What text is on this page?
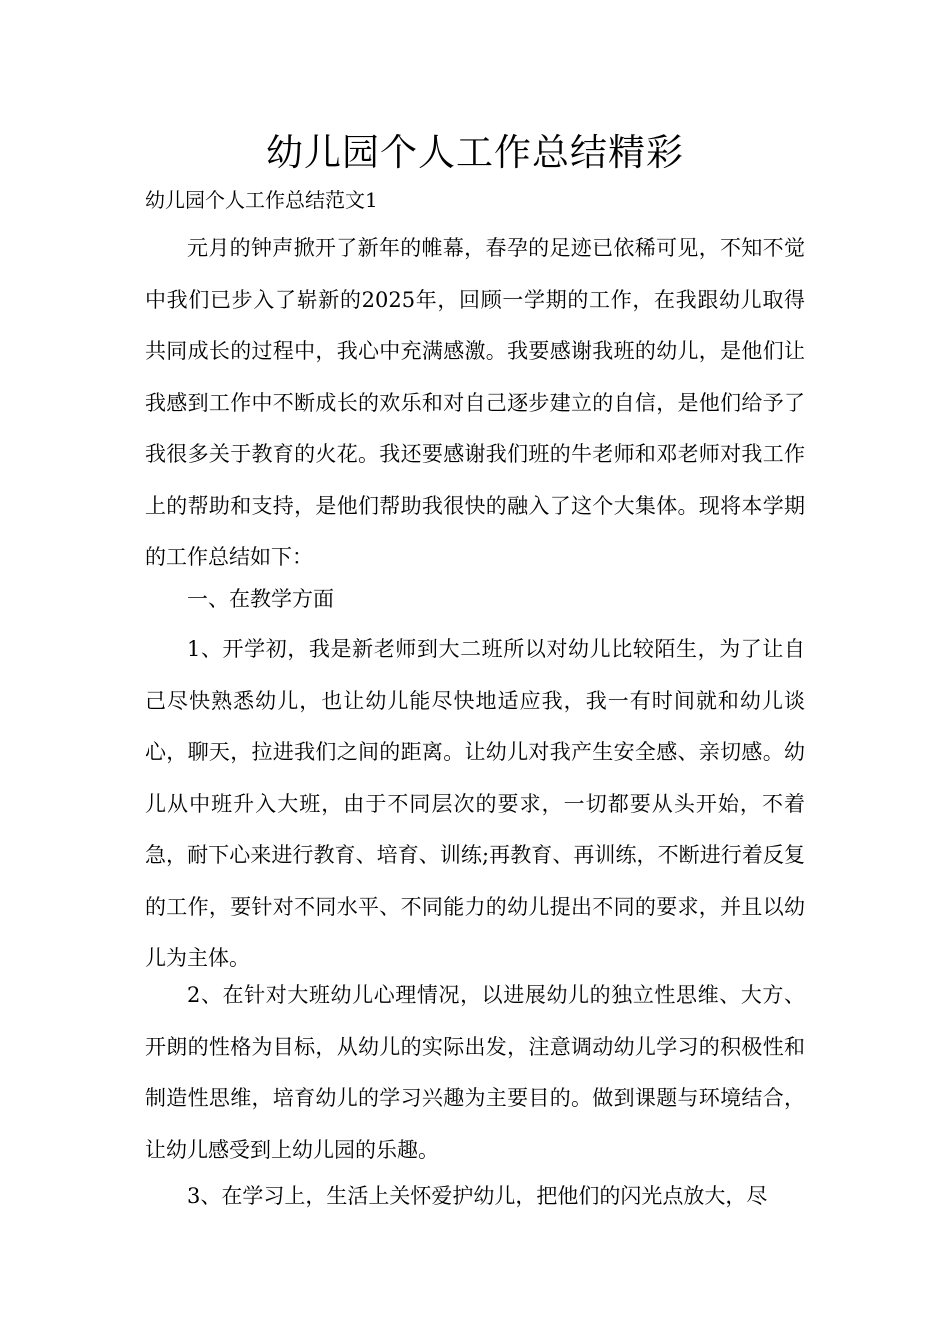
幼儿园个人工作总结精彩

幼儿园个人工作总结范文1

元月的钟声掀开了新年的帷幕，春孕的足迹已依稀可见，不知不觉中我们已步入了崭新的2025年，回顾一学期的工作，在我跟幼儿取得共同成长的过程中，我心中充满感激。我要感谢我班的幼儿，是他们让我感到工作中不断成长的欢乐和对自己逐步建立的自信，是他们给予了我很多关于教育的火花。我还要感谢我们班的牛老师和邓老师对我工作上的帮助和支持，是他们帮助我很快的融入了这个大集体。现将本学期的工作总结如下：

一、在教学方面

1、开学初，我是新老师到大二班所以对幼儿比较陌生，为了让自己尽快熟悉幼儿，也让幼儿能尽快地适应我，我一有时间就和幼儿谈心，聊天，拉进我们之间的距离。让幼儿对我产生安全感、亲切感。幼儿从中班升入大班，由于不同层次的要求，一切都要从头开始，不着急，耐下心来进行教育、培育、训练;再教育、再训练，不断进行着反复的工作，要针对不同水平、不同能力的幼儿提出不同的要求，并且以幼儿为主体。

2、在针对大班幼儿心理情况，以进展幼儿的独立性思维、大方、开朗的性格为目标，从幼儿的实际出发，注意调动幼儿学习的积极性和制造性思维，培育幼儿的学习兴趣为主要目的。做到课题与环境结合，让幼儿感受到上幼儿园的乐趣。

3、在学习上，生活上关怀爱护幼儿，把他们的闪光点放大，尽
